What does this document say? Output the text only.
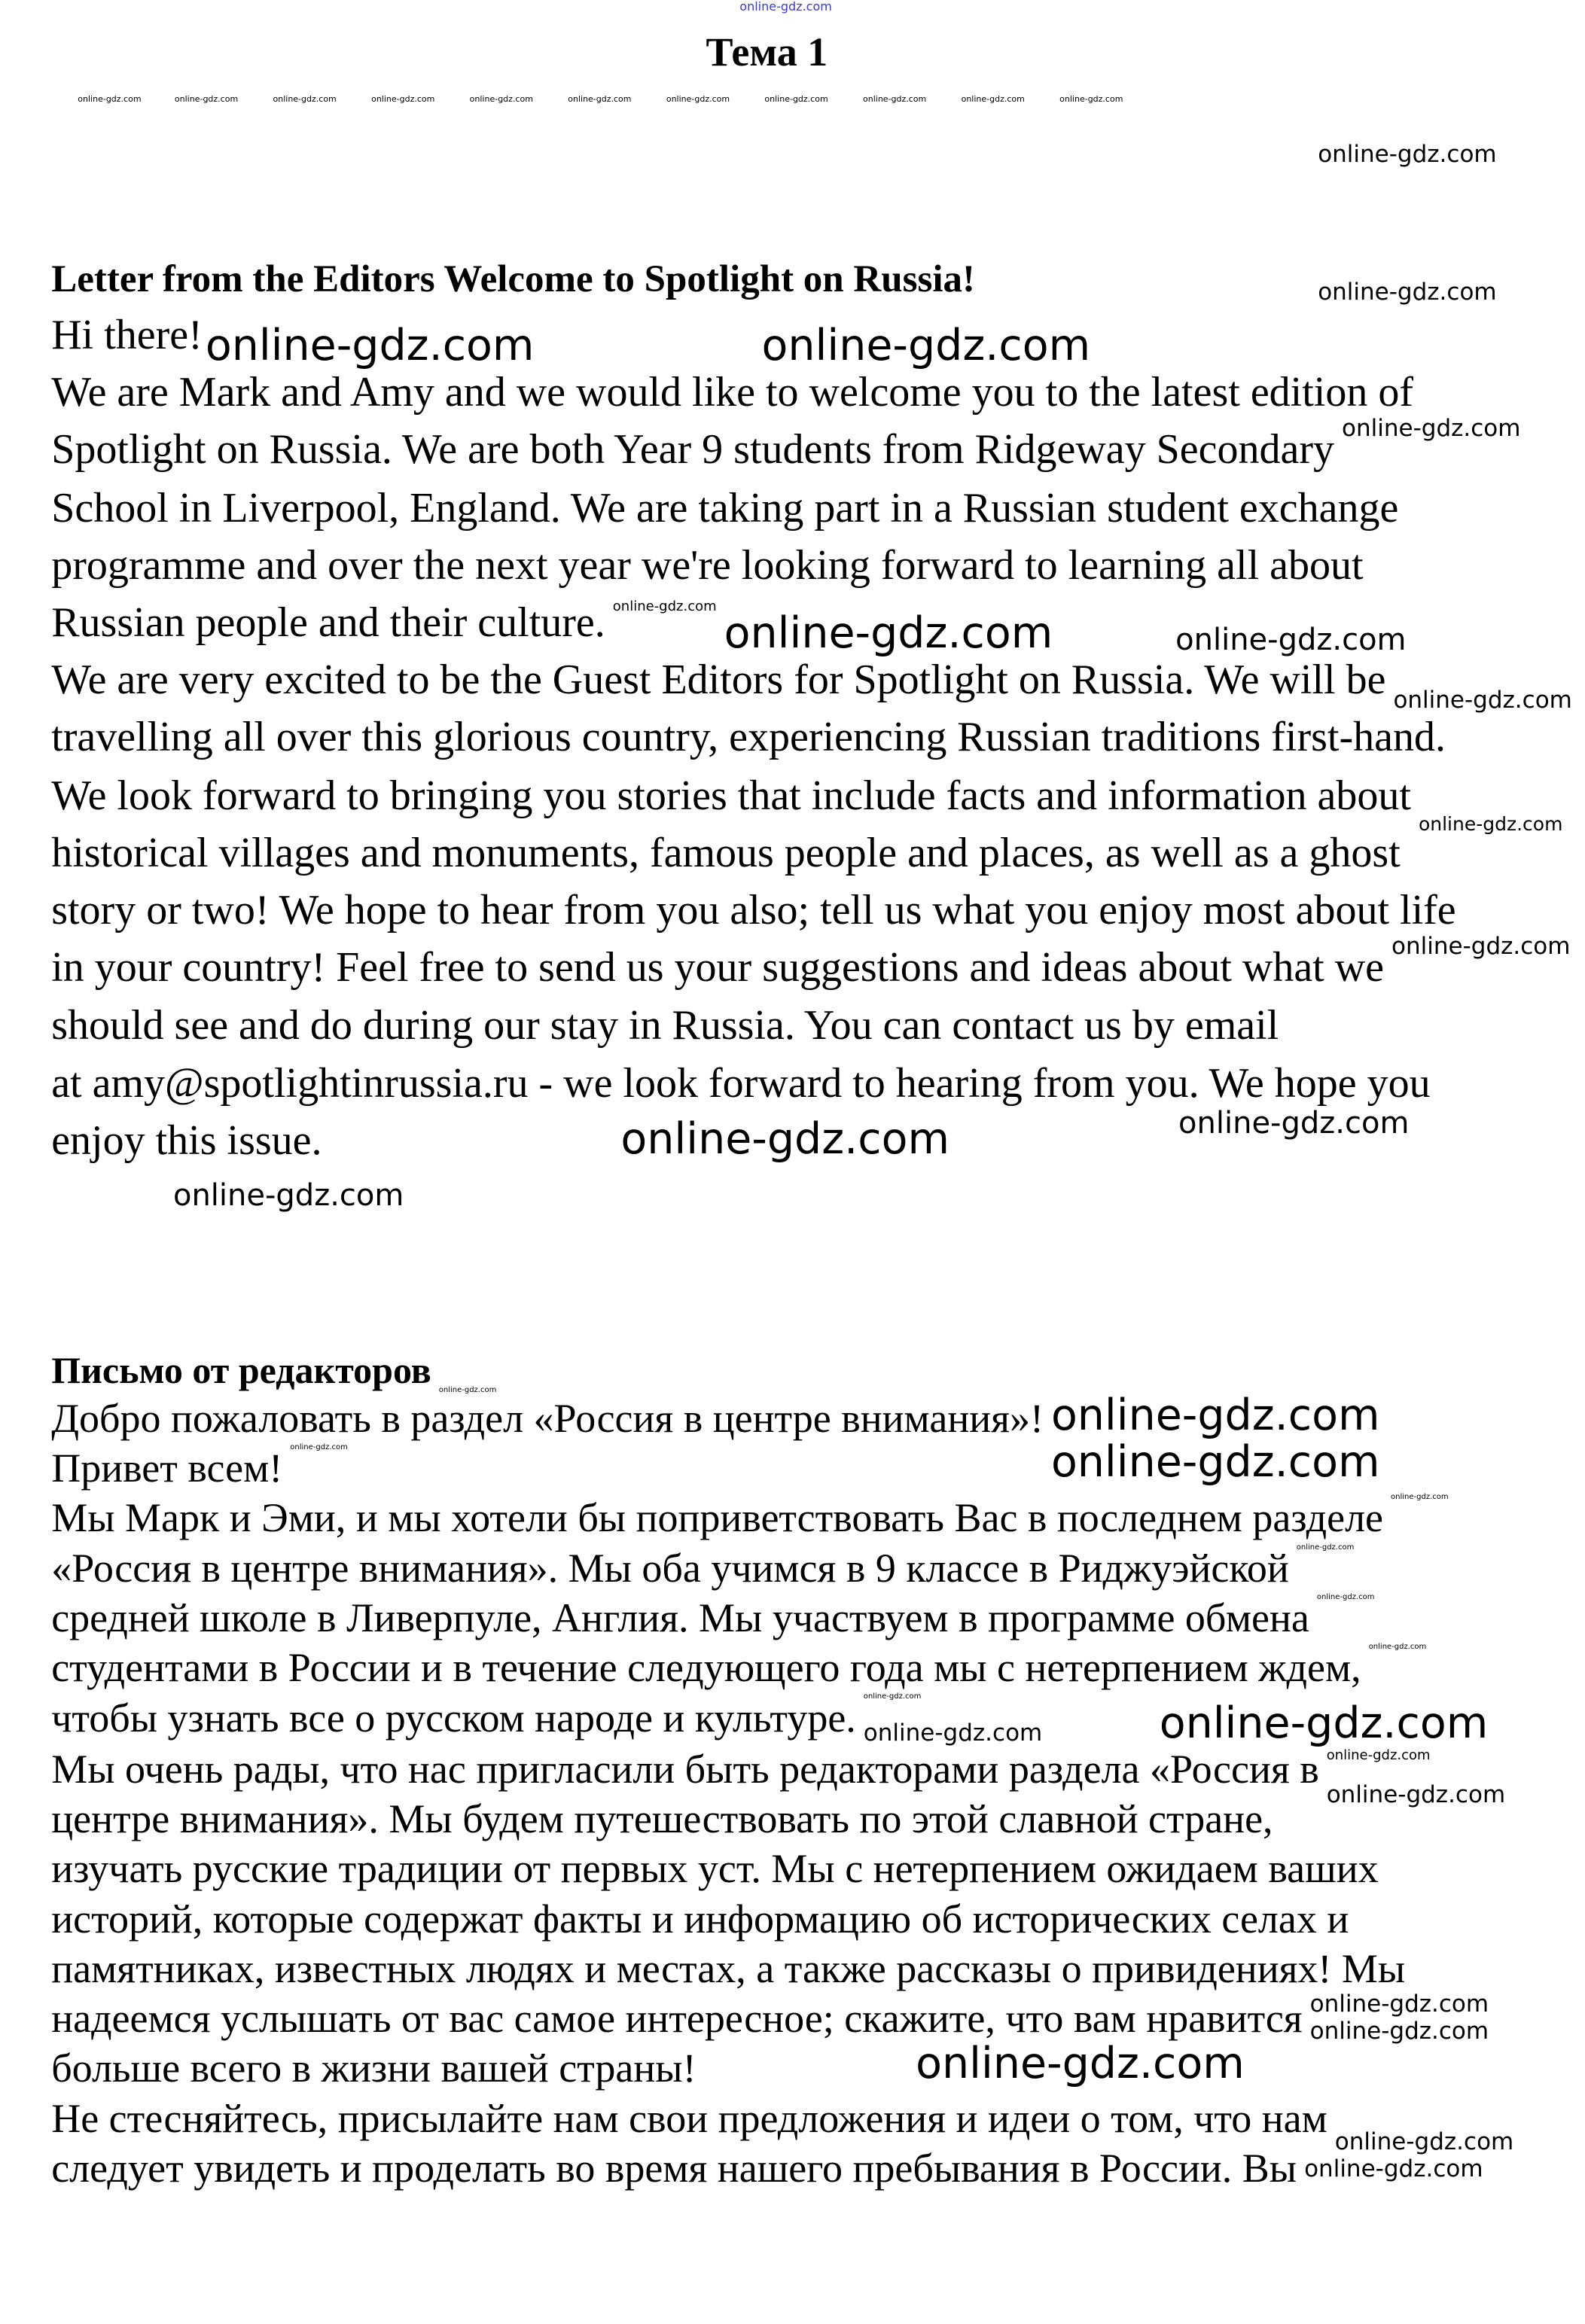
online-gdz.com
Тема 1
Letter from the Editors Welcome to Spotlight on Russia!
Письмо от редакторов
Hi there!
We are Mark and Amy and we would like to welcome you to the latest edition of
Spotlight on Russia. We are both Year 9 students from Ridgeway Secondary
School in Liverpool, England. We are taking part in a Russian student exchange
programme and over the next year we're looking forward to learning all about
Russian people and their culture.
We are very excited to be the Guest Editors for Spotlight on Russia. We will be
travelling all over this glorious country, experiencing Russian traditions first-hand.
We look forward to bringing you stories that include facts and information about
historical villages and monuments, famous people and places, as well as a ghost
story or two! We hope to hear from you also; tell us what you enjoy most about life
in your country! Feel free to send us your suggestions and ideas about what we
should see and do during our stay in Russia. You can contact us by email
at amy@spotlightinrussia.ru - we look forward to hearing from you. We hope you
enjoy this issue.
Добро пожаловать в раздел «Россия в центре внимания»!
Привет всем!
Мы Марк и Эми, и мы хотели бы поприветствовать Вас в последнем разделе
«Россия в центре внимания». Мы оба учимся в 9 классе в Риджуэйской
средней школе в Ливерпуле, Англия. Мы участвуем в программе обмена
студентами в России и в течение следующего года мы с нетерпением ждем,
чтобы узнать все о русском народе и культуре.
Мы очень рады, что нас пригласили быть редакторами раздела «Россия в
центре внимания». Мы будем путешествовать по этой славной стране,
изучать русские традиции от первых уст. Мы с нетерпением ожидаем ваших
историй, которые содержат факты и информацию об исторических селах и
памятниках, известных людях и местах, а также рассказы о привидениях! Мы
надеемся услышать от вас самое интересное; скажите, что вам нравится
больше всего в жизни вашей страны!
Не стесняйтесь, присылайте нам свои предложения и идеи о том, что нам
следует увидеть и проделать во время нашего пребывания в России. Вы
online-gdz.com
online-gdz.com
online-gdz.com	online-gdz.com
online-gdz.com
online-gdz.com
online-gdz.com	online-gdz.com
online-gdz.com
online-gdz.com
online-gdz.com
online-gdz.com	online-gdz.com
online-gdz.com
online-gdz.com
online-gdz.com
online-gdz.com
online-gdz.com
online-gdz.com
online-gdz.com
online-gdz.com
online-gdz.com
online-gdz.com
online-gdz.com
online-gdz.com
online-gdz.com	online-gdz.com	online-gdz.com	online-gdz.com	online-gdz.com	online-gdz.com	online-gdz.com	online-gdz.com	online-gdz.com	online-gdz.com	online-gdz.com
online-gdz.com
online-gdz.com
online-gdz.com
online-gdz.com
online-gdz.com
online-gdz.com
online-gdz.com
